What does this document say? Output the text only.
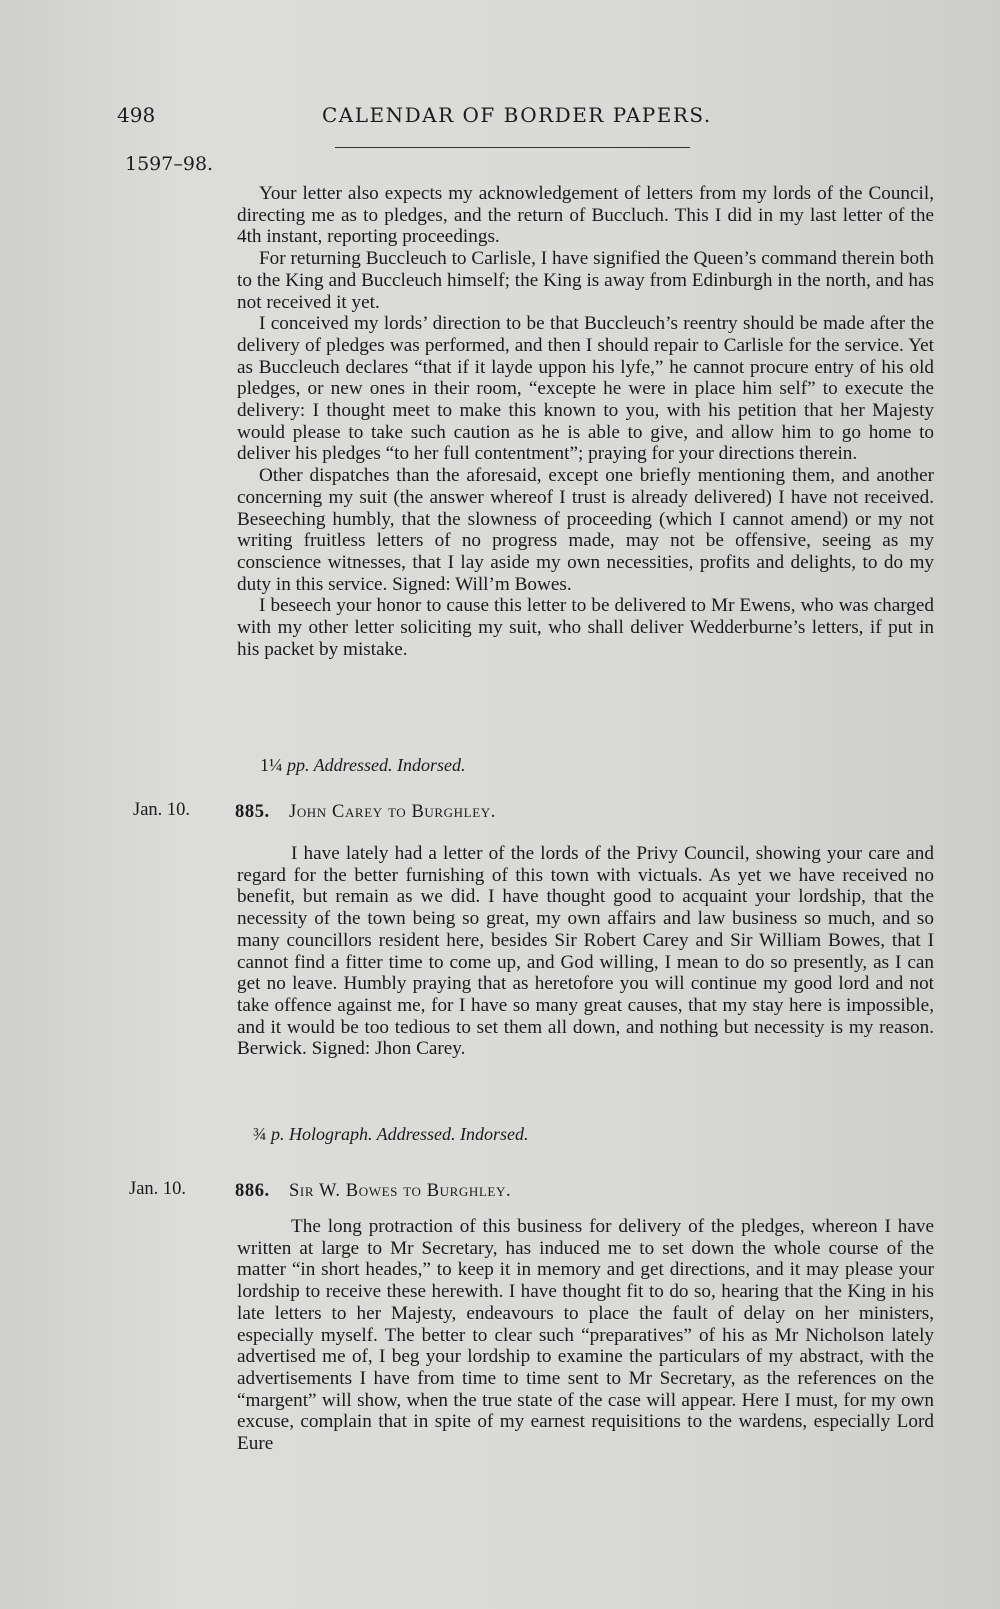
498	CALENDAR OF BORDER PAPERS.
1597–98.

Your letter also expects my acknowledgement of letters from my lords of the Council, directing me as to pledges, and the return of Buccluch. This I did in my last letter of the 4th instant, reporting proceedings.

For returning Buccleuch to Carlisle, I have signified the Queen’s command therein both to the King and Buccleuch himself; the King is away from Edinburgh in the north, and has not received it yet.

I conceived my lords’ direction to be that Buccleuch’s reentry should be made after the delivery of pledges was performed, and then I should repair to Carlisle for the service. Yet as Buccleuch declares “that if it layde uppon his lyfe,” he cannot procure entry of his old pledges, or new ones in their room, “excepte he were in place him self” to execute the delivery: I thought meet to make this known to you, with his petition that her Majesty would please to take such caution as he is able to give, and allow him to go home to deliver his pledges “to her full contentment”; praying for your directions therein.

Other dispatches than the aforesaid, except one briefly mentioning them, and another concerning my suit (the answer whereof I trust is already delivered) I have not received. Beseeching humbly, that the slowness of proceeding (which I cannot amend) or my not writing fruitless letters of no progress made, may not be offensive, seeing as my conscience witnesses, that I lay aside my own necessities, profits and delights, to do my duty in this service. Signed: Will’m Bowes.

I beseech your honor to cause this letter to be delivered to Mr Ewens, who was charged with my other letter soliciting my suit, who shall deliver Wedderburne’s letters, if put in his packet by mistake.

1¼ pp. Addressed. Indorsed.
Jan. 10. 885. John Carey to Burghley.

I have lately had a letter of the lords of the Privy Council, showing your care and regard for the better furnishing of this town with victuals. As yet we have received no benefit, but remain as we did. I have thought good to acquaint your lordship, that the necessity of the town being so great, my own affairs and law business so much, and so many councillors resident here, besides Sir Robert Carey and Sir William Bowes, that I cannot find a fitter time to come up, and God willing, I mean to do so presently, as I can get no leave. Humbly praying that as heretofore you will continue my good lord and not take offence against me, for I have so many great causes, that my stay here is impossible, and it would be too tedious to set them all down, and nothing but necessity is my reason. Berwick. Signed: Jhon Carey.

¾ p. Holograph. Addressed. Indorsed.
Jan. 10.	886. Sir W. Bowes to Burghley.

The long protraction of this business for delivery of the pledges, whereon I have written at large to Mr Secretary, has induced me to set down the whole course of the matter “in short heades,” to keep it in memory and get directions, and it may please your lordship to receive these herewith. I have thought fit to do so, hearing that the King in his late letters to her Majesty, endeavours to place the fault of delay on her ministers, especially myself. The better to clear such “preparatives” of his as Mr Nicholson lately advertised me of, I beg your lordship to examine the particulars of my abstract, with the advertisements I have from time to time sent to Mr Secretary, as the references on the “margent” will show, when the true state of the case will appear. Here I must, for my own excuse, complain that in spite of my earnest requisitions to the wardens, especially Lord Eure
